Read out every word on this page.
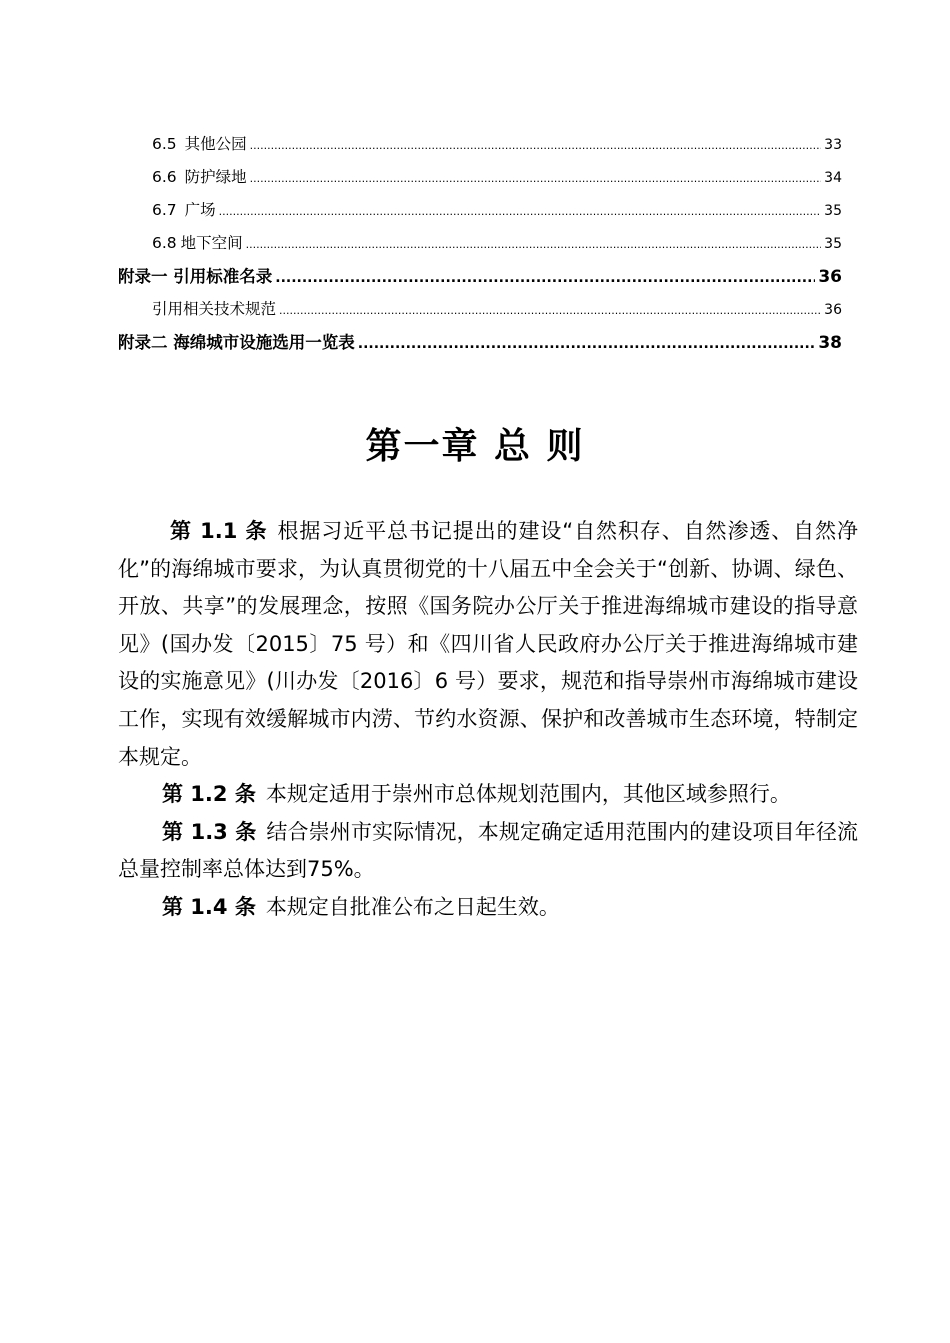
6.5 其他公园 .....	33
6.6 防护绿地 .....	34
6.7 广场 .....	35
6.8 地下空间 .....	35
附录一 引用标准名录 .....	36
引用相关技术规范 .....	36
附录二 海绵城市设施选用一览表 .....	38
第一章 总 则

第 1.1 条 根据习近平总书记提出的建设“自然积存、自然渗透、自然净化”的海绵城市要求，为认真贯彻党的十八届五中全会关于“创新、协调、绿色、开放、共享”的发展理念，按照《国务院办公厅关于推进海绵城市建设的指导意见》(国办发〔2015〕75 号）和《四川省人民政府办公厅关于推进海绵城市建设的实施意见》(川办发〔2016〕6 号）要求，规范和指导崇州市海绵城市建设工作，实现有效缓解城市内涝、节约水资源、保护和改善城市生态环境，特制定本规定。

第 1.2 条 本规定适用于崇州市总体规划范围内，其他区域参照行。

第 1.3 条 结合崇州市实际情况，本规定确定适用范围内的建设项目年径流总量控制率总体达到75%。

第 1.4 条 本规定自批准公布之日起生效。
